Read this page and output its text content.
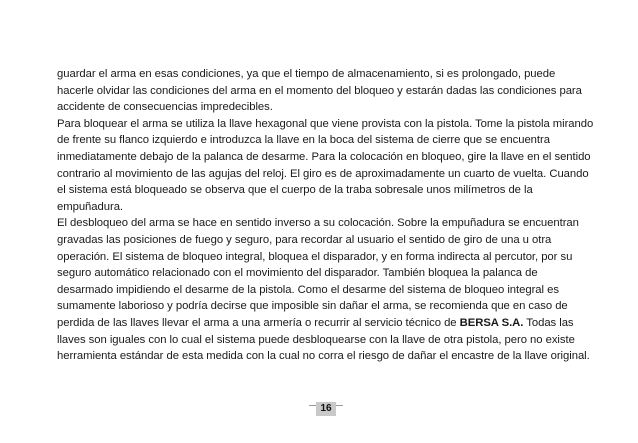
guardar el arma en esas condiciones, ya que el tiempo de almacenamiento, si es prolongado, puede
hacerle olvidar las condiciones del arma en el momento del bloqueo y estarán dadas las condiciones para
accidente de consecuencias impredecibles.
Para bloquear el arma se utiliza la llave hexagonal que viene provista con la pistola. Tome la pistola mirando
de frente su flanco izquierdo e introduzca la llave en la boca del sistema de cierre que se encuentra
inmediatamente debajo de la palanca de desarme. Para la colocación en bloqueo, gire la llave en el sentido
contrario al movimiento de las agujas del reloj. El giro es de aproximadamente un cuarto de vuelta. Cuando
el sistema está bloqueado se observa que el cuerpo de la traba sobresale unos milímetros de la
empuñadura.
El desbloqueo del arma se hace en sentido inverso a su colocación. Sobre la empuñadura se encuentran
gravadas las posiciones de fuego y seguro, para recordar al usuario el sentido de giro de una u otra
operación. El sistema de bloqueo integral, bloquea el disparador, y en forma indirecta al percutor, por su
seguro automático relacionado con el movimiento del disparador. También bloquea la palanca de
desarmado impidiendo el desarme de la pistola. Como el desarme del sistema de bloqueo integral es
sumamente laborioso y podría decirse que imposible sin dañar el arma, se recomienda que en caso de
perdida de las llaves llevar el arma a una armería o recurrir al servicio técnico de BERSA S.A. Todas las
llaves son iguales con lo cual el sistema puede desbloquearse con la llave de otra pistola, pero no existe
herramienta estándar de esta medida con la cual no corra el riesgo de dañar el encastre de la llave original.
16
